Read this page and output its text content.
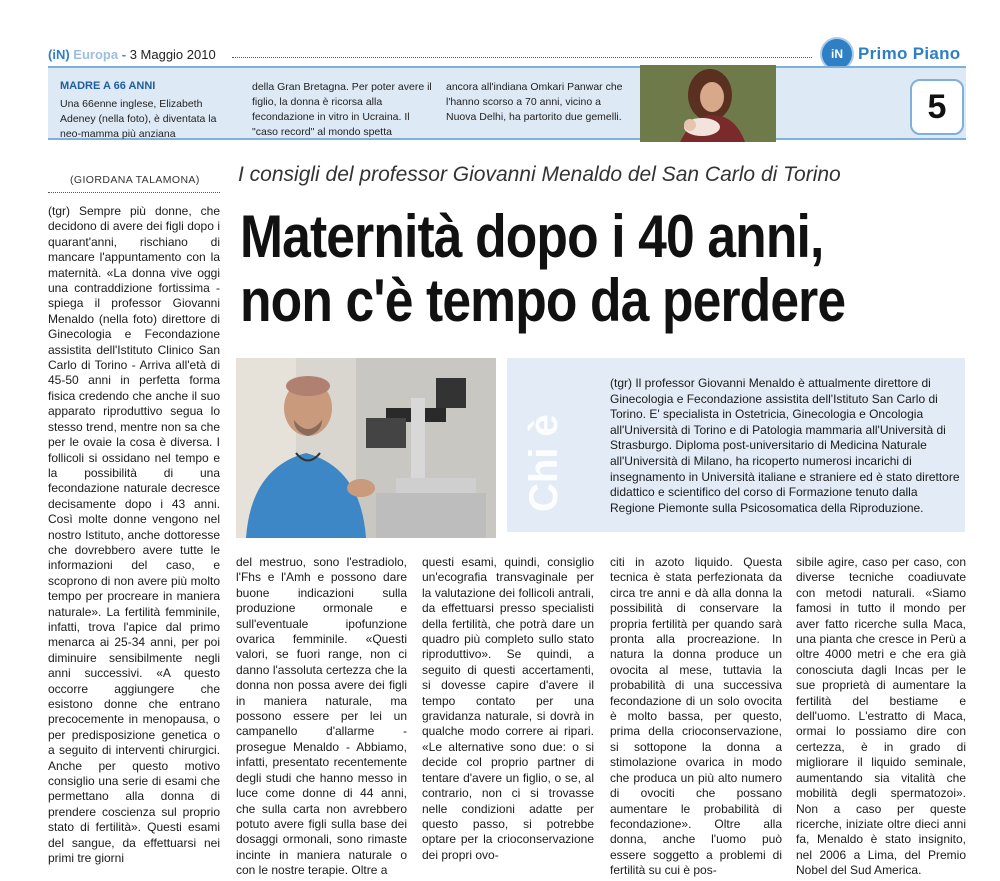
(iN) Europa - 3 Maggio 2010	iN Primo Piano
MADRE A 66 ANNI
Una 66enne inglese, Elizabeth Adeney (nella foto), è diventata la neo-mamma più anziana
della Gran Bretagna. Per poter avere il figlio, la donna è ricorsa alla fecondazione in vitro in Ucraina. Il "caso record" al mondo spetta
ancora all'indiana Omkari Panwar che l'hanno scorso a 70 anni, vicino a Nuova Delhi, ha partorito due gemelli.	5
(GIORDANA TALAMONA) I consigli del professor Giovanni Menaldo del San Carlo di Torino
Maternità dopo i 40 anni,
non c'è tempo da perdere
Chi è
(tgr) Il professor Giovanni Menaldo è attualmente direttore di Ginecologia e Fecondazione assistita dell'Istituto San Carlo di Torino. E' specialista in Ostetricia, Ginecologia e Oncologia all'Università di Torino e di Patologia mammaria all'Università di Strasburgo. Diploma post-universitario di Medicina Naturale all'Università di Milano, ha ricoperto numerosi incarichi di insegnamento in Università italiane e straniere ed è stato direttore didattico e scientifico del corso di Formazione tenuto dalla Regione Piemonte sulla Psicosomatica della Riproduzione.

(tgr) Sempre più donne, che decidono di avere dei figli dopo i quarant'anni, rischiano di mancare l'appuntamento con la maternità. «La donna vive oggi una contraddizione fortissima - spiega il professor Giovanni Menaldo (nella foto) direttore di Ginecologia e Fecondazione assistita dell'Istituto Clinico San Carlo di Torino - Arriva all'età di 45-50 anni in perfetta forma fisica credendo che anche il suo apparato riproduttivo segua lo stesso trend, mentre non sa che per le ovaie la cosa è diversa. I follicoli si ossidano nel tempo e la possibilità di una fecondazione naturale decresce decisamente dopo i 43 anni. Così molte donne vengono nel nostro Istituto, anche dottoresse che dovrebbero avere tutte le informazioni del caso, e scoprono di non avere più molto tempo per procreare in maniera naturale». La fertilità femminile, infatti, trova l'apice dal primo menarca ai 25-34 anni, per poi diminuire sensibilmente negli anni successivi. «A questo occorre aggiungere che esistono donne che entrano precocemente in menopausa, o per predisposizione genetica o a seguito di interventi chirurgici. Anche per questo motivo consiglio una serie di esami che permettano alla donna di prendere coscienza sul proprio stato di fertilità». Questi esami del sangue, da effettuarsi nei primi tre giorni

del mestruo, sono l'estradiolo, l'Fhs e l'Amh e possono dare buone indicazioni sulla produzione ormonale e sull'eventuale ipofunzione ovarica femminile. «Questi valori, se fuori range, non ci danno l'assoluta certezza che la donna non possa avere dei figli in maniera naturale, ma possono essere per lei un campanello d'allarme - prosegue Menaldo - Abbiamo, infatti, presentato recentemente degli studi che hanno messo in luce come donne di 44 anni, che sulla carta non avrebbero potuto avere figli sulla base dei dosaggi ormonali, sono rimaste incinte in maniera naturale o con le nostre terapie. Oltre a

questi esami, quindi, consiglio un'ecografia transvaginale per la valutazione dei follicoli antrali, da effettuarsi presso specialisti della fertilità, che potrà dare un quadro più completo sullo stato riproduttivo». Se quindi, a seguito di questi accertamenti, si dovesse capire d'avere il tempo contato per una gravidanza naturale, si dovrà in qualche modo correre ai ripari. «Le alternative sono due: o si decide col proprio partner di tentare d'avere un figlio, o se, al contrario, non ci si trovasse nelle condizioni adatte per questo passo, si potrebbe optare per la crioconservazione dei propri ovo-

citi in azoto liquido. Questa tecnica è stata perfezionata da circa tre anni e dà alla donna la possibilità di conservare la propria fertilità per quando sarà pronta alla procreazione. In natura la donna produce un ovocita al mese, tuttavia la probabilità di una successiva fecondazione di un solo ovocita è molto bassa, per questo, prima della crioconservazione, si sottopone la donna a stimolazione ovarica in modo che produca un più alto numero di ovociti che possano aumentare le probabilità di fecondazione». Oltre alla donna, anche l'uomo può essere soggetto a problemi di fertilità su cui è pos-

sibile agire, caso per caso, con diverse tecniche coadiuvate con metodi naturali. «Siamo famosi in tutto il mondo per aver fatto ricerche sulla Maca, una pianta che cresce in Perù a oltre 4000 metri e che era già conosciuta dagli Incas per le sue proprietà di aumentare la fertilità del bestiame e dell'uomo. L'estratto di Maca, ormai lo possiamo dire con certezza, è in grado di migliorare il liquido seminale, aumentando sia vitalità che mobilità degli spermatozoi». Non a caso per queste ricerche, iniziate oltre dieci anni fa, Menaldo è stato insignito, nel 2006 a Lima, del Premio Nobel del Sud America.
